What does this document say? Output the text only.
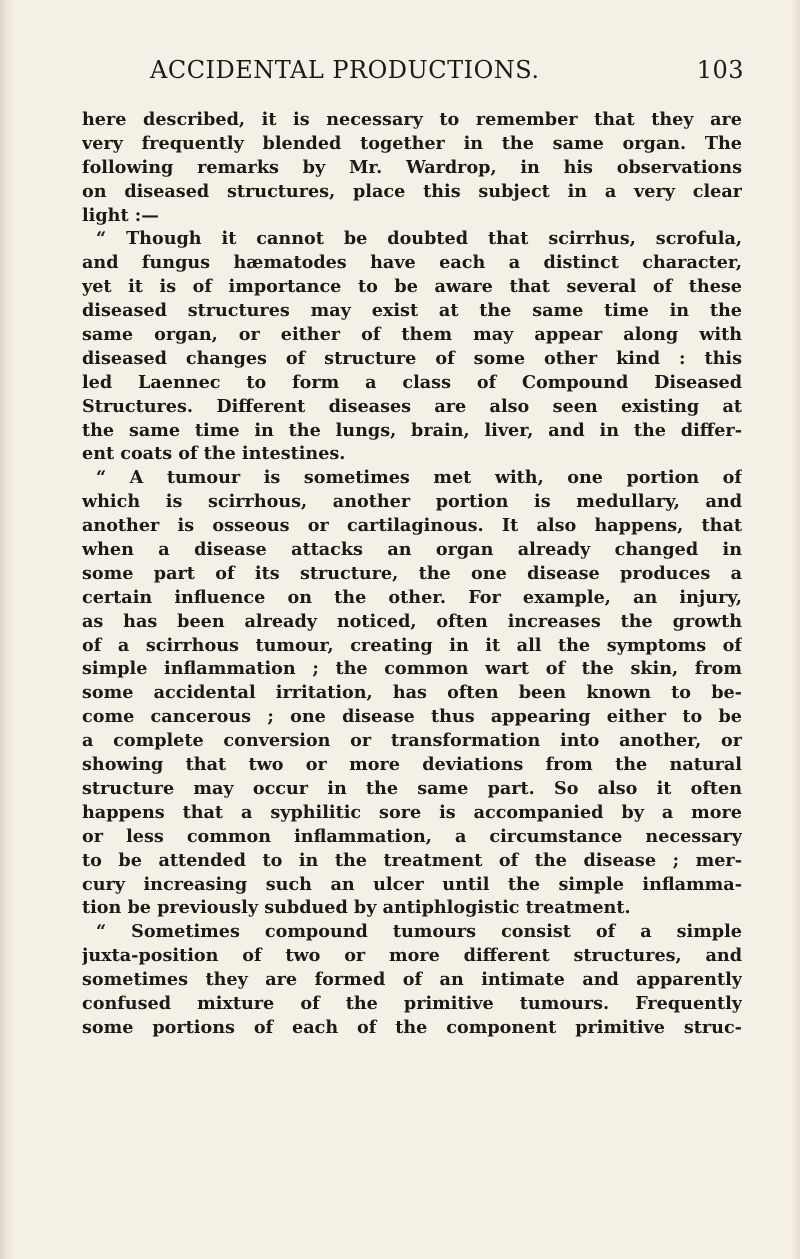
ACCIDENTAL PRODUCTIONS.	103
here described, it is necessary to remember that they are
very frequently blended together in the same organ. The
following remarks by Mr. Wardrop, in his observations
on diseased structures, place this subject in a very clear
light :—
“ Though it cannot be doubted that scirrhus, scrofula,
and fungus hæmatodes have each a distinct character,
yet it is of importance to be aware that several of these
diseased structures may exist at the same time in the
same organ, or either of them may appear along with
diseased changes of structure of some other kind : this
led Laennec to form a class of Compound Diseased
Structures. Different diseases are also seen existing at
the same time in the lungs, brain, liver, and in the differ-
ent coats of the intestines.
“ A tumour is sometimes met with, one portion of
which is scirrhous, another portion is medullary, and
another is osseous or cartilaginous. It also happens, that
when a disease attacks an organ already changed in
some part of its structure, the one disease produces a
certain influence on the other. For example, an injury,
as has been already noticed, often increases the growth
of a scirrhous tumour, creating in it all the symptoms of
simple inflammation ; the common wart of the skin, from
some accidental irritation, has often been known to be-
come cancerous ; one disease thus appearing either to be
a complete conversion or transformation into another, or
showing that two or more deviations from the natural
structure may occur in the same part. So also it often
happens that a syphilitic sore is accompanied by a more
or less common inflammation, a circumstance necessary
to be attended to in the treatment of the disease ; mer-
cury increasing such an ulcer until the simple inflamma-
tion be previously subdued by antiphlogistic treatment.
“ Sometimes compound tumours consist of a simple
juxta-position of two or more different structures, and
sometimes they are formed of an intimate and apparently
confused mixture of the primitive tumours. Frequently
some portions of each of the component primitive struc-
